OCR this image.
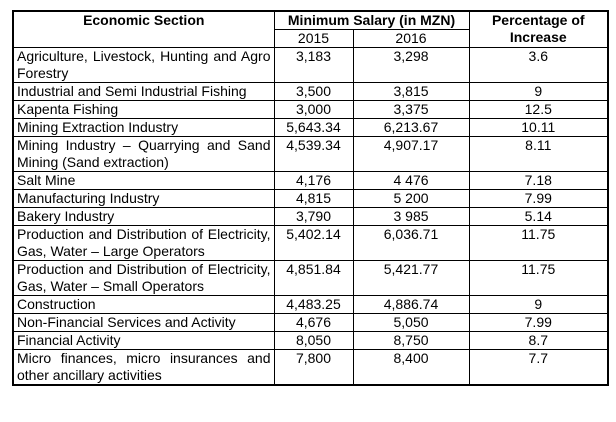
Economic Section	Minimum Salary (in MZN)		Percentage of Increase
	2015	2016	
Agriculture, Livestock, Hunting and Agro Forestry	3,183	3,298	3.6
Industrial and Semi Industrial Fishing	3,500	3,815	9
Kapenta Fishing	3,000	3,375	12.5
Mining Extraction Industry	5,643.34	6,213.67	10.11
Mining Industry – Quarrying and Sand Mining (Sand extraction)	4,539.34	4,907.17	8.11
Salt Mine	4,176	4 476	7.18
Manufacturing Industry	4,815	5 200	7.99
Bakery Industry	3,790	3 985	5.14
Production and Distribution of Electricity, Gas, Water – Large Operators	5,402.14	6,036.71	11.75
Production and Distribution of Electricity, Gas, Water – Small Operators	4,851.84	5,421.77	11.75
Construction	4,483.25	4,886.74	9
Non-Financial Services and Activity	4,676	5,050	7.99
Financial Activity	8,050	8,750	8.7
Micro finances, micro insurances and other ancillary activities	7,800	8,400	7.7
